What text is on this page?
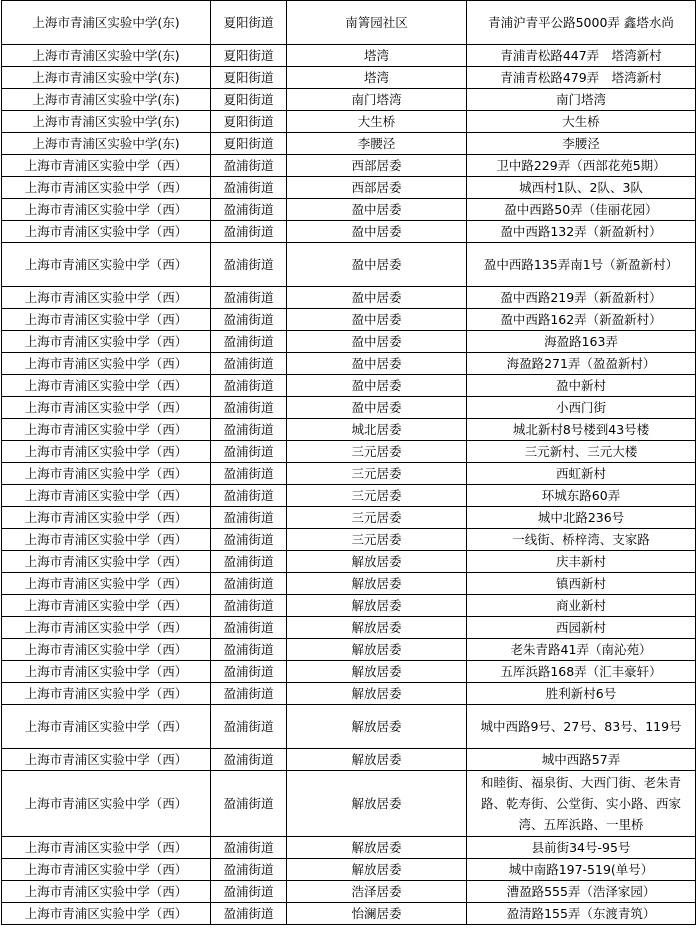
上海市青浦区实验中学(东)	夏阳街道	南箐园社区	青浦沪青平公路5000弄 鑫塔水尚
上海市青浦区实验中学(东)	夏阳街道	塔湾	青浦青松路447弄　塔湾新村
上海市青浦区实验中学(东)	夏阳街道	塔湾	青浦青松路479弄　塔湾新村
上海市青浦区实验中学(东)	夏阳街道	南门塔湾	南门塔湾
上海市青浦区实验中学(东)	夏阳街道	大生桥	大生桥
上海市青浦区实验中学(东)	夏阳街道	李腰泾	李腰泾
上海市青浦区实验中学（西）	盈浦街道	西部居委	卫中路229弄（西部花苑5期）
上海市青浦区实验中学（西）	盈浦街道	西部居委	城西村1队、2队、3队
上海市青浦区实验中学（西）	盈浦街道	盈中居委	盈中西路50弄（佳丽花园）
上海市青浦区实验中学（西）	盈浦街道	盈中居委	盈中西路132弄（新盈新村）
上海市青浦区实验中学（西）	盈浦街道	盈中居委	盈中西路135弄南1号（新盈新村）
上海市青浦区实验中学（西）	盈浦街道	盈中居委	盈中西路219弄（新盈新村）
上海市青浦区实验中学（西）	盈浦街道	盈中居委	盈中西路162弄（新盈新村）
上海市青浦区实验中学（西）	盈浦街道	盈中居委	海盈路163弄
上海市青浦区实验中学（西）	盈浦街道	盈中居委	海盈路271弄（盈盈新村）
上海市青浦区实验中学（西）	盈浦街道	盈中居委	盈中新村
上海市青浦区实验中学（西）	盈浦街道	盈中居委	小西门街
上海市青浦区实验中学（西）	盈浦街道	城北居委	城北新村8号楼到43号楼
上海市青浦区实验中学（西）	盈浦街道	三元居委	三元新村、三元大楼
上海市青浦区实验中学（西）	盈浦街道	三元居委	西虹新村
上海市青浦区实验中学（西）	盈浦街道	三元居委	环城东路60弄
上海市青浦区实验中学（西）	盈浦街道	三元居委	城中北路236号
上海市青浦区实验中学（西）	盈浦街道	三元居委	一线街、桥梓湾、支家路
上海市青浦区实验中学（西）	盈浦街道	解放居委	庆丰新村
上海市青浦区实验中学（西）	盈浦街道	解放居委	镇西新村
上海市青浦区实验中学（西）	盈浦街道	解放居委	商业新村
上海市青浦区实验中学（西）	盈浦街道	解放居委	西园新村
上海市青浦区实验中学（西）	盈浦街道	解放居委	老朱青路41弄（南沁苑）
上海市青浦区实验中学（西）	盈浦街道	解放居委	五厍浜路168弄（汇丰豪轩）
上海市青浦区实验中学（西）	盈浦街道	解放居委	胜利新村6号
上海市青浦区实验中学（西）	盈浦街道	解放居委	城中西路9号、27号、83号、119号
上海市青浦区实验中学（西）	盈浦街道	解放居委	城中西路57弄
上海市青浦区实验中学（西）	盈浦街道	解放居委	和睦街、福泉街、大西门街、老朱青路、乾寿街、公堂街、实小路、西家湾、五厍浜路、一里桥
上海市青浦区实验中学（西）	盈浦街道	解放居委	县前街34号-95号
上海市青浦区实验中学（西）	盈浦街道	解放居委	城中南路197-519(单号）
上海市青浦区实验中学（西）	盈浦街道	浩泽居委	漕盈路555弄（浩泽家园）
上海市青浦区实验中学（西）	盈浦街道	怡澜居委	盈清路155弄（东渡青筑）
